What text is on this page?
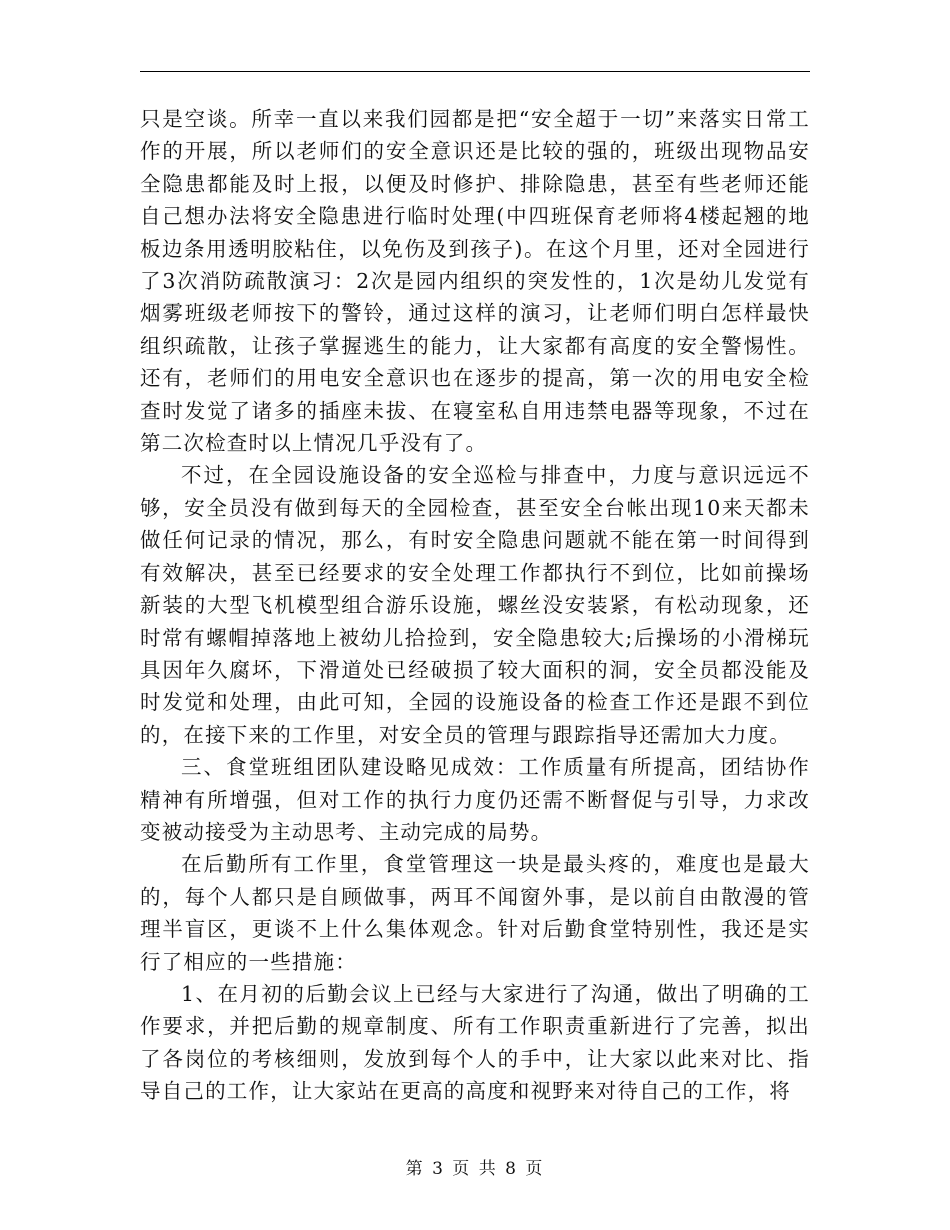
只是空谈。所幸一直以来我们园都是把“安全超于一切”来落实日常工作的开展，所以老师们的安全意识还是比较的强的，班级出现物品安全隐患都能及时上报，以便及时修护、排除隐患，甚至有些老师还能自己想办法将安全隐患进行临时处理(中四班保育老师将4楼起翘的地板边条用透明胶粘住，以免伤及到孩子)。在这个月里，还对全园进行了3次消防疏散演习：2次是园内组织的突发性的，1次是幼儿发觉有烟雾班级老师按下的警铃，通过这样的演习，让老师们明白怎样最快组织疏散，让孩子掌握逃生的能力，让大家都有高度的安全警惕性。还有，老师们的用电安全意识也在逐步的提高，第一次的用电安全检查时发觉了诸多的插座未拔、在寝室私自用违禁电器等现象，不过在第二次检查时以上情况几乎没有了。

不过，在全园设施设备的安全巡检与排查中，力度与意识远远不够，安全员没有做到每天的全园检查，甚至安全台帐出现10来天都未做任何记录的情况，那么，有时安全隐患问题就不能在第一时间得到有效解决，甚至已经要求的安全处理工作都执行不到位，比如前操场新装的大型飞机模型组合游乐设施，螺丝没安装紧，有松动现象，还时常有螺帽掉落地上被幼儿拾捡到，安全隐患较大;后操场的小滑梯玩具因年久腐坏，下滑道处已经破损了较大面积的洞，安全员都没能及时发觉和处理，由此可知，全园的设施设备的检查工作还是跟不到位的，在接下来的工作里，对安全员的管理与跟踪指导还需加大力度。

三、食堂班组团队建设略见成效：工作质量有所提高，团结协作精神有所增强，但对工作的执行力度仍还需不断督促与引导，力求改变被动接受为主动思考、主动完成的局势。

在后勤所有工作里，食堂管理这一块是最头疼的，难度也是最大的，每个人都只是自顾做事，两耳不闻窗外事，是以前自由散漫的管理半盲区，更谈不上什么集体观念。针对后勤食堂特别性，我还是实行了相应的一些措施：

1、在月初的后勤会议上已经与大家进行了沟通，做出了明确的工作要求，并把后勤的规章制度、所有工作职责重新进行了完善，拟出了各岗位的考核细则，发放到每个人的手中，让大家以此来对比、指导自己的工作，让大家站在更高的高度和视野来对待自己的工作，将

第 3 页 共 8 页
